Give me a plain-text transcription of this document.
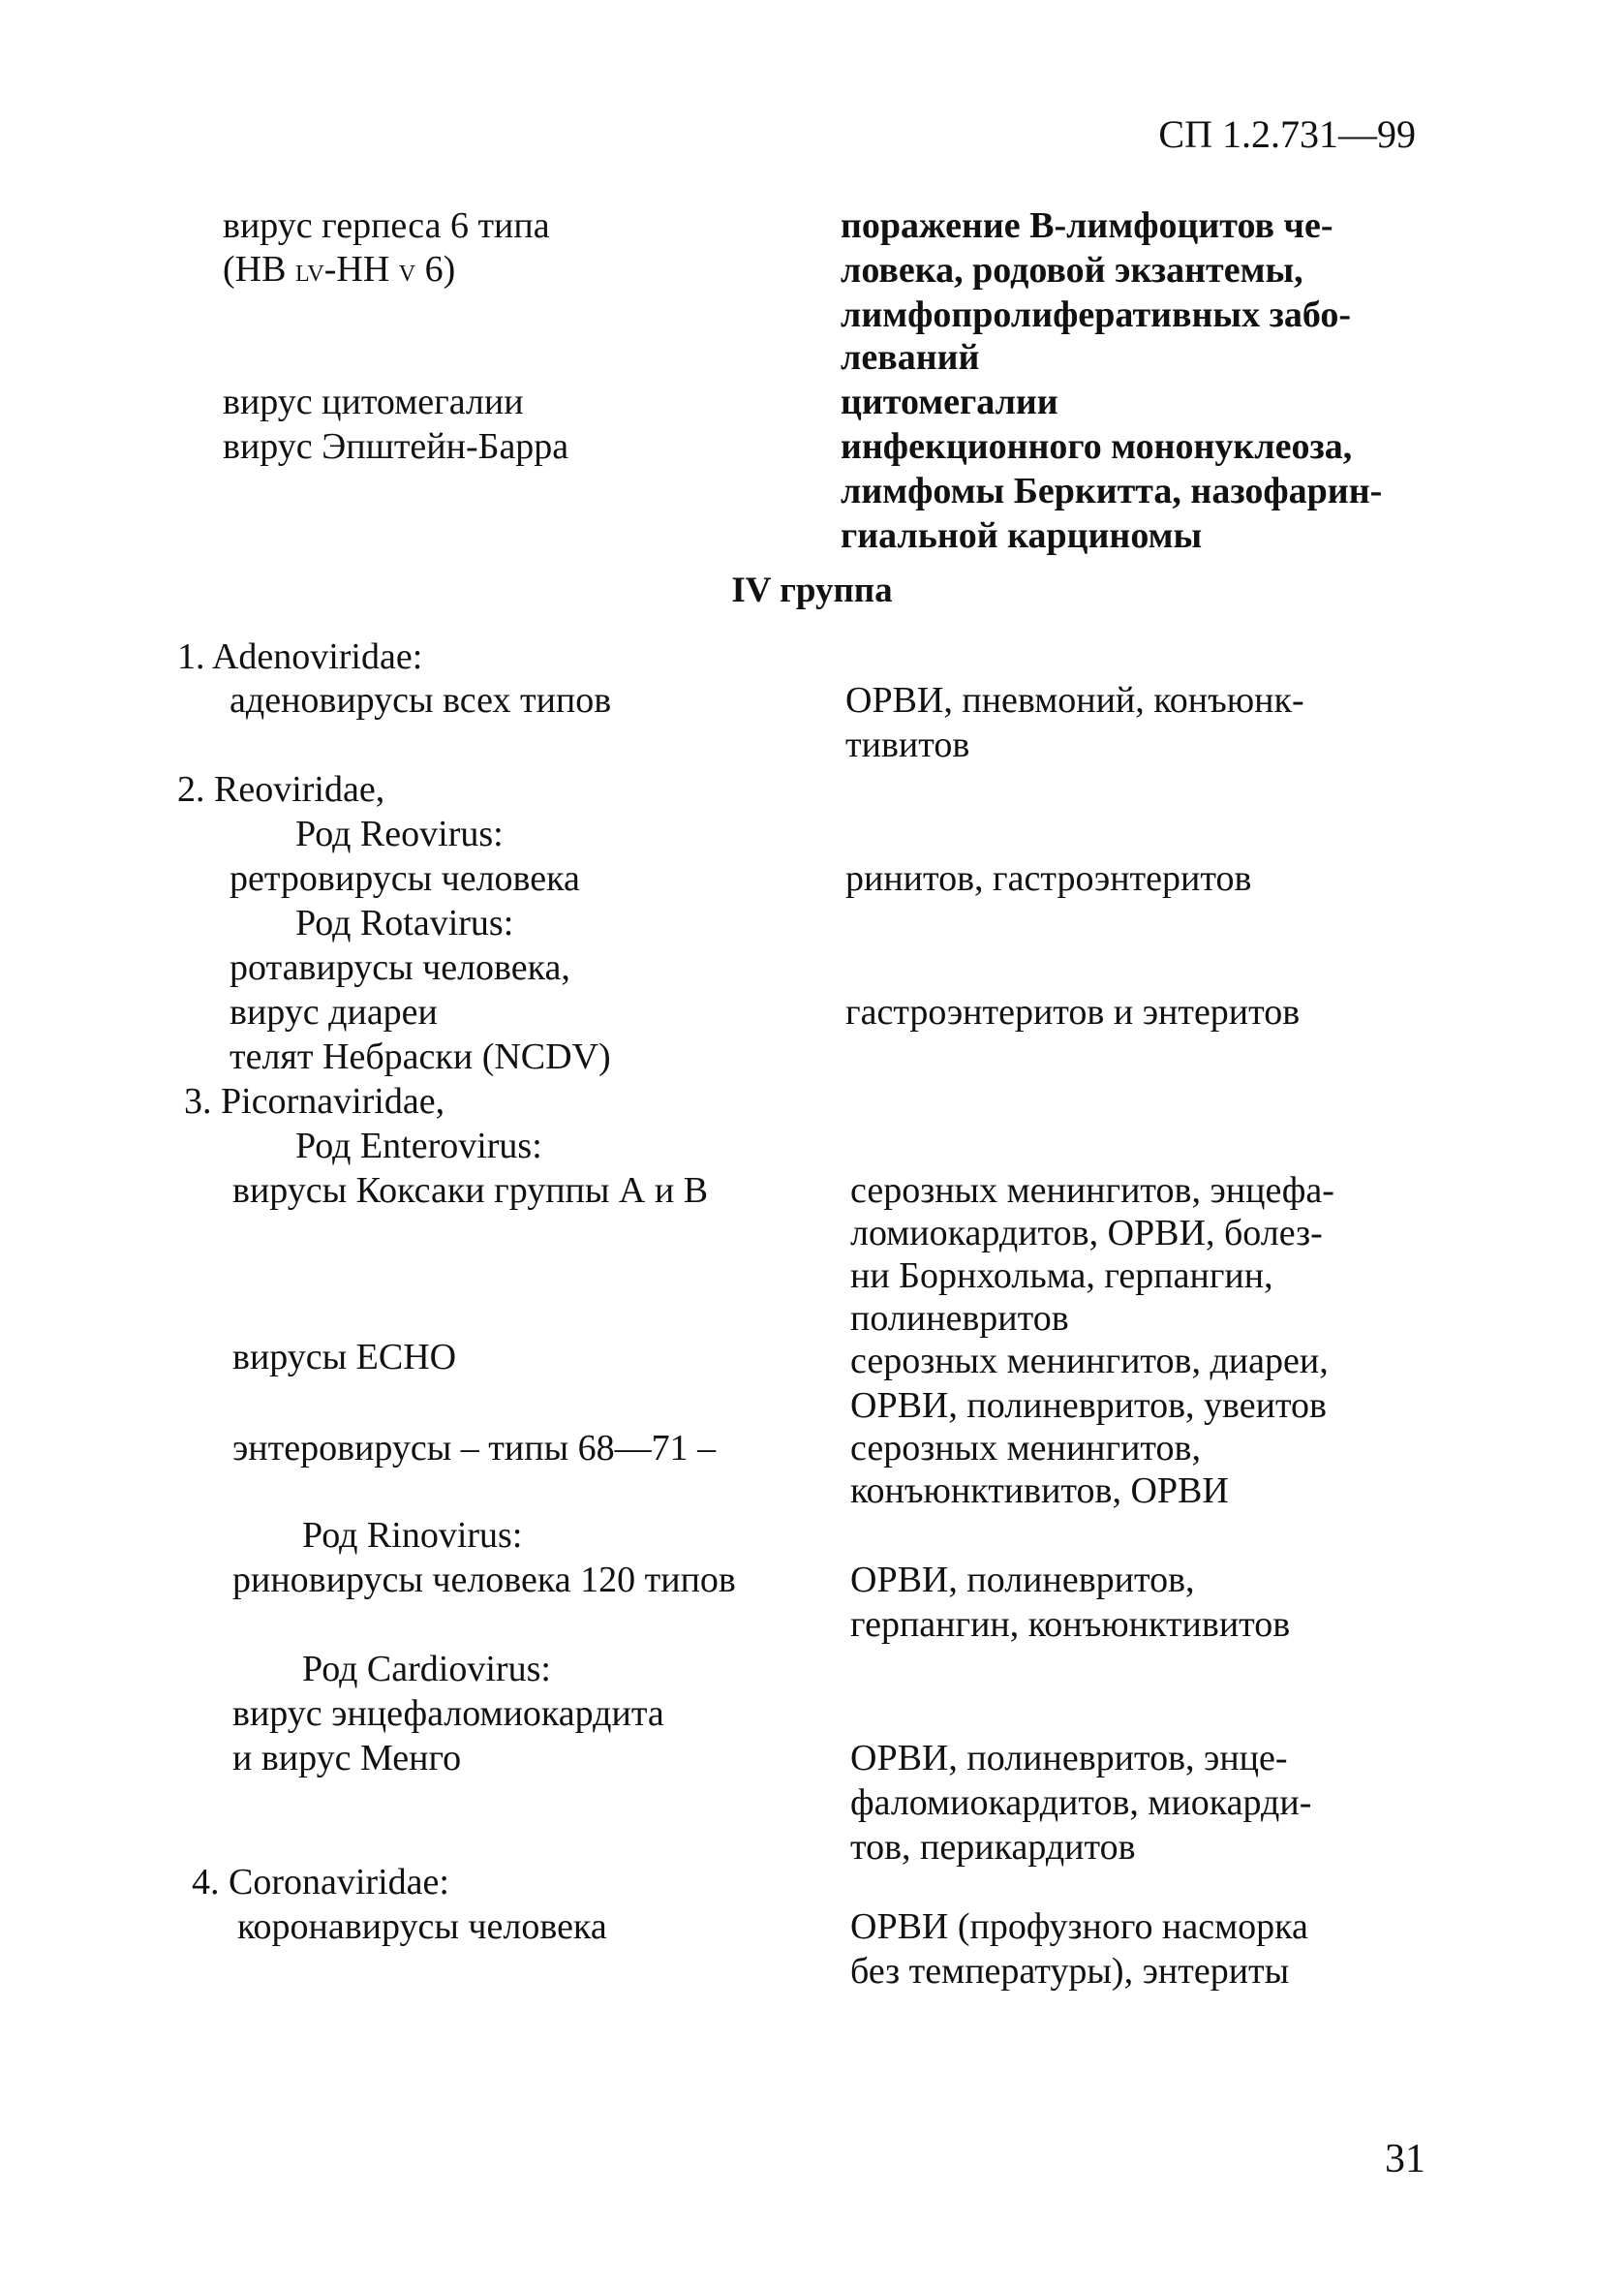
СП 1.2.731—99
вирус герпеса 6 типа
(НВ LV-НН V 6)
вирус цитомегалии
вирус Эпштейн-Барра
IV группа
1. Adenoviridae:
аденовирусы всех типов
2. Reoviridae,
Род Reovirus:
ретровирусы человека
Род Rotavirus:
ротавирусы человека,
вирус диареи
телят Небраски (NCDV)
3. Picornaviridae,
Род Enterovirus:
вирусы Коксаки группы А и В
вирусы ЕСНО
энтеровирусы – типы 68—71 –
Род Rinovirus:
риновирусы человека 120 типов
Род Cardiovirus:
вирус энцефаломиокардита
и вирус Менго
4. Coronaviridae:
коронавирусы человека
поражение В-лимфоцитов че-
ловека, родовой экзантемы,
лимфопролиферативных забо-
леваний
цитомегалии
инфекционного мононуклеоза,
лимфомы Беркитта, назофарин-
гиальной карциномы
ОРВИ, пневмоний, конъюнк-
тивитов
ринитов, гастроэнтеритов
гастроэнтеритов и энтеритов
серозных менингитов, энцефа-
ломиокардитов, ОРВИ, болез-
ни Борнхольма, герпангин,
полиневритов
серозных менингитов, диареи,
ОРВИ, полиневритов, увеитов
серозных менингитов,
конъюнктивитов, ОРВИ
ОРВИ, полиневритов,
герпангин, конъюнктивитов
ОРВИ, полиневритов, энце-
фаломиокардитов, миокарди-
тов, перикардитов
ОРВИ (профузного насморка
без температуры), энтериты
31
